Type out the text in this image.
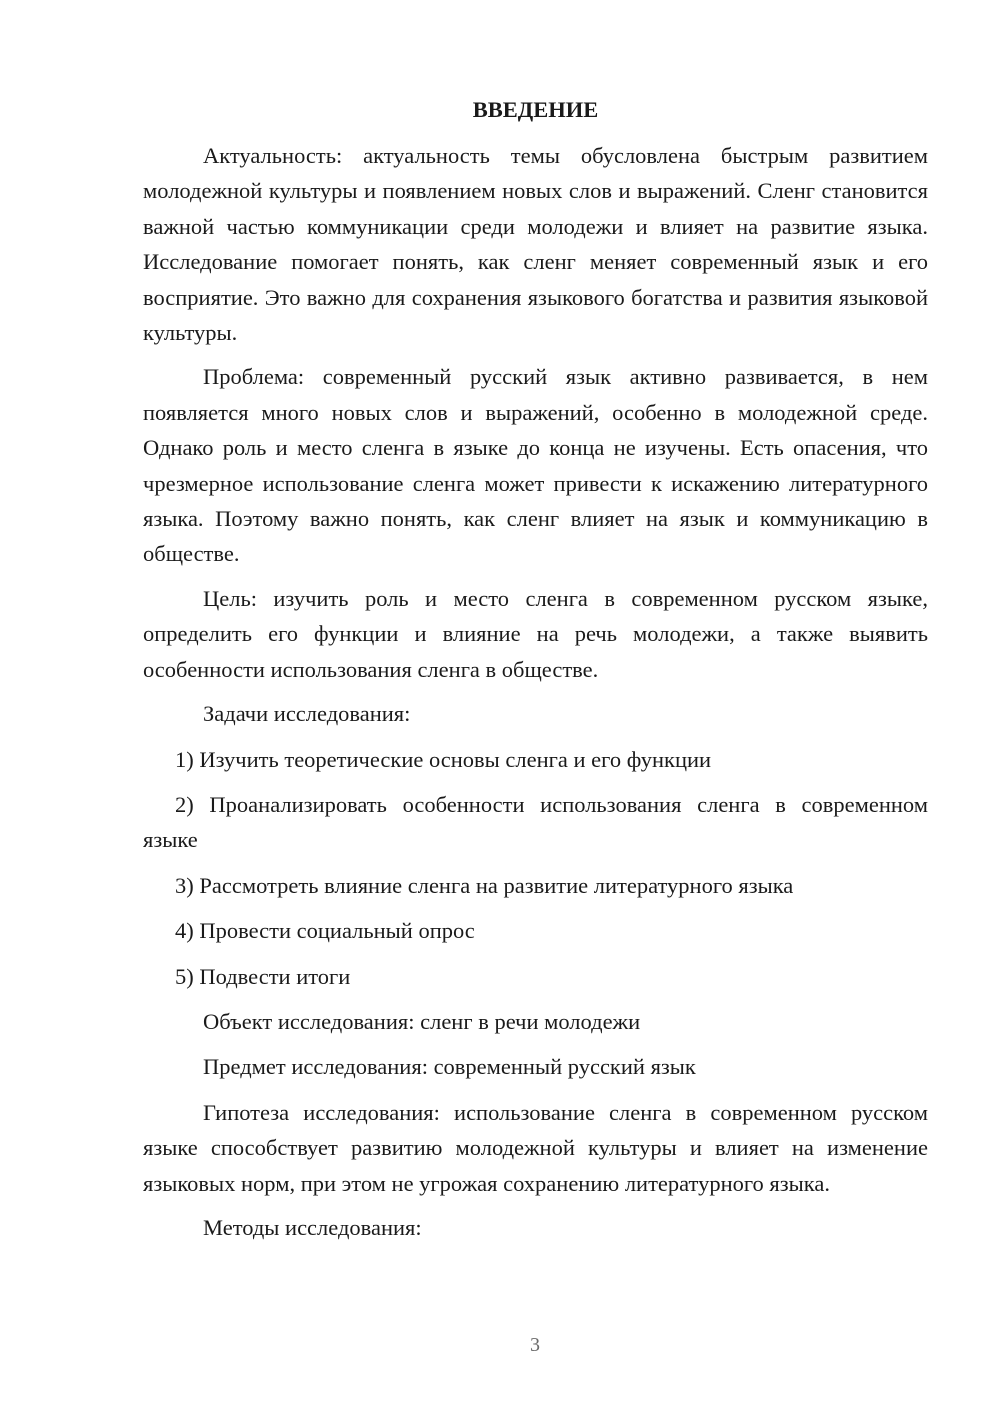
ВВЕДЕНИЕ

Актуальность: актуальность темы обусловлена быстрым развитием молодежной культуры и появлением новых слов и выражений. Сленг становится важной частью коммуникации среди молодежи и влияет на развитие языка. Исследование помогает понять, как сленг меняет современный язык и его восприятие. Это важно для сохранения языкового богатства и развития языковой культуры.

Проблема: современный русский язык активно развивается, в нем появляется много новых слов и выражений, особенно в молодежной среде. Однако роль и место сленга в языке до конца не изучены. Есть опасения, что чрезмерное использование сленга может привести к искажению литературного языка. Поэтому важно понять, как сленг влияет на язык и коммуникацию в обществе.

Цель: изучить роль и место сленга в современном русском языке, определить его функции и влияние на речь молодежи, а также выявить особенности использования сленга в обществе.

Задачи исследования:

1) Изучить теоретические основы сленга и его функции

2) Проанализировать особенности использования сленга в современном языке

3) Рассмотреть влияние сленга на развитие литературного языка

4) Провести социальный опрос

5) Подвести итоги

Объект исследования: сленг в речи молодежи

Предмет исследования: современный русский язык

Гипотеза исследования: использование сленга в современном русском языке способствует развитию молодежной культуры и влияет на изменение языковых норм, при этом не угрожая сохранению литературного языка.

Методы исследования:

3
